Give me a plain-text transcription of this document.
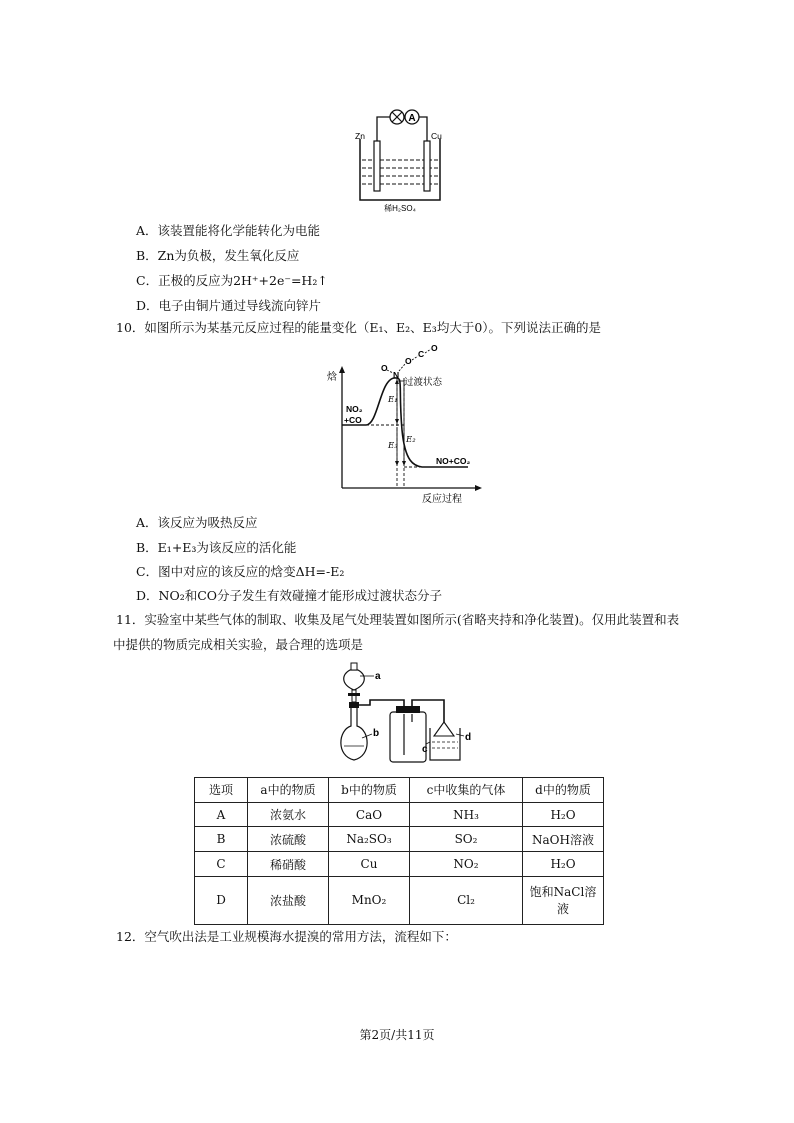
A
Zn	Cu
稀H₂SO₄
A．该装置能将化学能转化为电能
B．Zn为负极，发生氧化反应
C．正极的反应为2H⁺+2e⁻=H₂↑
D．电子由铜片通过导线流向锌片
10．如图所示为某基元反应过程的能量变化（E₁、E₂、E₃均大于0）。下列说法正确的是
焓
反应过程
E₁
E₂
E₃
NO₂
+CO
NO+CO₂
过渡状态
O
N
O
C
O
A．该反应为吸热反应
B．E₁+E₃为该反应的活化能
C．图中对应的该反应的焓变ΔH=-E₂
D．NO₂和CO分子发生有效碰撞才能形成过渡状态分子
11．实验室中某些气体的制取、收集及尾气处理装置如图所示(省略夹持和净化装置)。仅用此装置和表
中提供的物质完成相关实验，最合理的选项是
a
b
c
d
选项	a中的物质	b中的物质	c中收集的气体	d中的物质
A	浓氨水	CaO	NH₃	H₂O
B	浓硫酸	Na₂SO₃	SO₂	NaOH溶液
C	稀硝酸	Cu	NO₂	H₂O
D	浓盐酸	MnO₂	Cl₂	饱和NaCl溶液
12．空气吹出法是工业规模海水提溴的常用方法，流程如下：
第2页/共11页
